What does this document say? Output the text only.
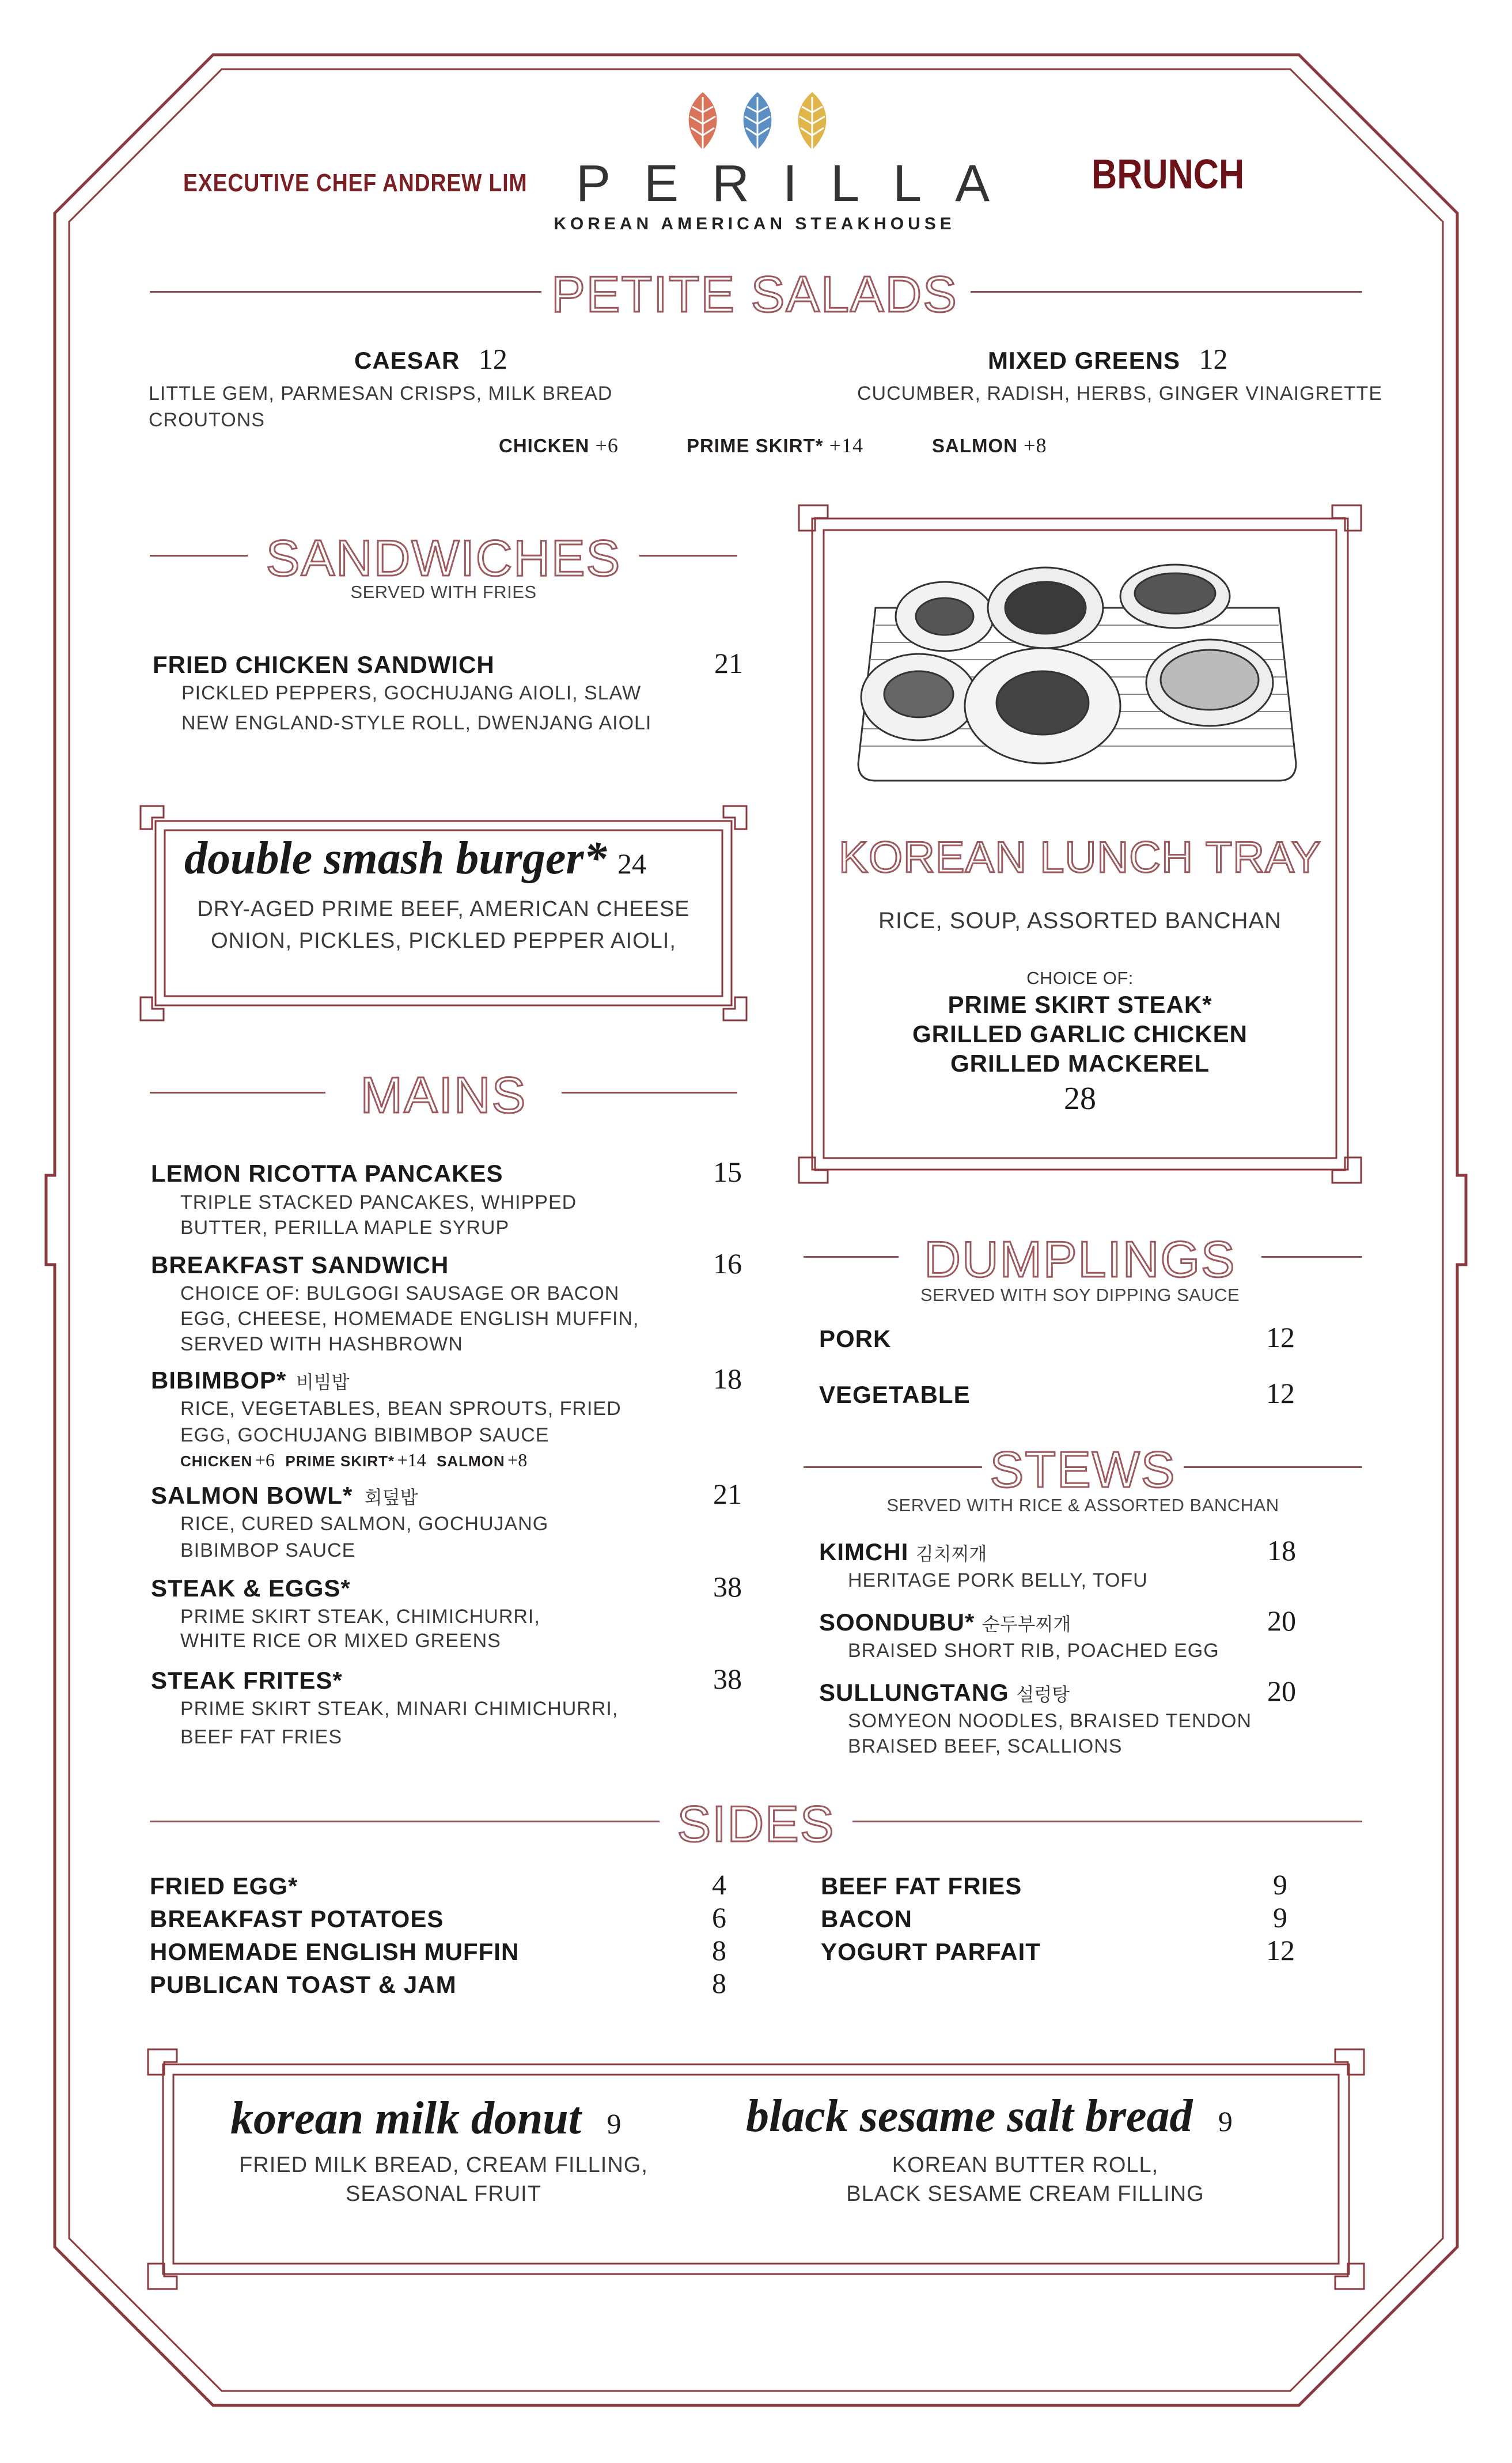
EXECUTIVE CHEF ANDREW LIM PERILLA
KOREAN AMERICAN STEAKHOUSE
BRUNCH
PETITE SALADS
CAESAR 12
LITTLE GEM, PARMESAN CRISPS, MILK BREAD CROUTONS
MIXED GREENS 12
CUCUMBER, RADISH, HERBS, GINGER VINAIGRETTE
CHICKEN +6	PRIME SKIRT* +14	SALMON +8
SANDWICHES
SERVED WITH FRIES
FRIED CHICKEN SANDWICH	21
PICKLED PEPPERS, GOCHUJANG AIOLI, SLAW
NEW ENGLAND-STYLE ROLL, DWENJANG AIOLI
double smash burger* 24
DRY-AGED PRIME BEEF, AMERICAN CHEESE
ONION, PICKLES, PICKLED PEPPER AIOLI,
KOREAN LUNCH TRAY
RICE, SOUP, ASSORTED BANCHAN
CHOICE OF:
PRIME SKIRT STEAK*
GRILLED GARLIC CHICKEN
GRILLED MACKEREL
28
MAINS
LEMON RICOTTA PANCAKES	15
TRIPLE STACKED PANCAKES, WHIPPED
BUTTER, PERILLA MAPLE SYRUP
BREAKFAST SANDWICH	16
CHOICE OF: BULGOGI SAUSAGE OR BACON
EGG, CHEESE, HOMEMADE ENGLISH MUFFIN,
SERVED WITH HASHBROWN
BIBIMBOP* 비빔밥	18
RICE, VEGETABLES, BEAN SPROUTS, FRIED
EGG, GOCHUJANG BIBIMBOP SAUCE
CHICKEN +6 PRIME SKIRT* +14 SALMON +8
SALMON BOWL* 회덮밥	21
RICE, CURED SALMON, GOCHUJANG
BIBIMBOP SAUCE
STEAK & EGGS*	38
PRIME SKIRT STEAK, CHIMICHURRI,
WHITE RICE OR MIXED GREENS
STEAK FRITES*	38
PRIME SKIRT STEAK, MINARI CHIMICHURRI,
BEEF FAT FRIES
DUMPLINGS
SERVED WITH SOY DIPPING SAUCE
PORK	12
VEGETABLE	12
STEWS
SERVED WITH RICE & ASSORTED BANCHAN
KIMCHI 김치찌개	18
HERITAGE PORK BELLY, TOFU
SOONDUBU* 순두부찌개	20
BRAISED SHORT RIB, POACHED EGG
SULLUNGTANG 설렁탕	20
SOMYEON NOODLES, BRAISED TENDON
BRAISED BEEF, SCALLIONS
SIDES
FRIED EGG*	4
BREAKFAST POTATOES	6
HOMEMADE ENGLISH MUFFIN	8
PUBLICAN TOAST & JAM	8
BEEF FAT FRIES	9
BACON	9
YOGURT PARFAIT	12
korean milk donut 9
FRIED MILK BREAD, CREAM FILLING,
SEASONAL FRUIT
black sesame salt bread 9
KOREAN BUTTER ROLL,
BLACK SESAME CREAM FILLING
